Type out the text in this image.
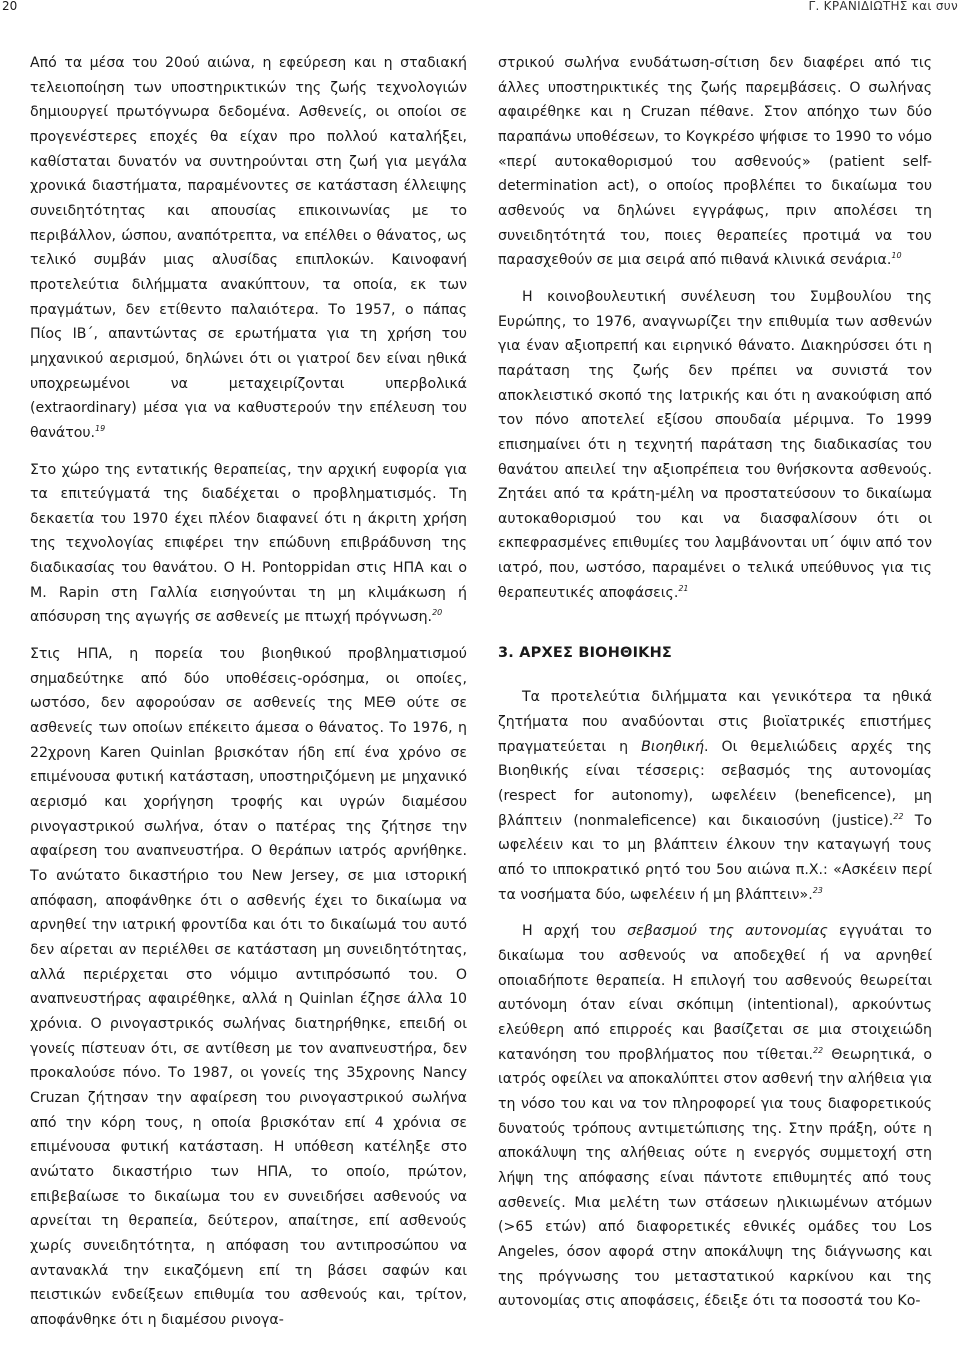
20	Γ. ΚΡΑΝΙΔΙΩΤΗΣ και συν

Από τα μέσα του 20ού αιώνα, η εφεύρεση και η σταδιακή τελειοποίηση των υποστηρικτικών της ζωής τεχνολογιών δημιουργεί πρωτόγνωρα δεδομένα. Ασθενείς, οι οποίοι σε προγενέστερες εποχές θα είχαν προ πολλού καταλήξει, καθίσταται δυνατόν να συντηρούνται στη ζωή για μεγάλα χρονικά διαστήματα, παραμένοντες σε κατάσταση έλλειψης συνειδητότητας και απουσίας επικοινωνίας με το περιβάλλον, ώσπου, αναπότρεπτα, να επέλθει ο θάνατος, ως τελικό συμβάν μιας αλυσίδας επιπλοκών. Καινοφανή προτελεύτια διλήμματα ανακύπτουν, τα οποία, εκ των πραγμάτων, δεν ετίθεντο παλαιότερα. Το 1957, ο πάπας Πίος ΙΒ΄, απαντώντας σε ερωτήματα για τη χρήση του μηχανικού αερισμού, δηλώνει ότι οι γιατροί δεν είναι ηθικά υποχρεωμένοι να μεταχειρίζονται υπερβολικά (extraordinary) μέσα για να καθυστερούν την επέλευση του θανάτου.$^{19}$

Στο χώρο της εντατικής θεραπείας, την αρχική ευφορία για τα επιτεύγματά της διαδέχεται ο προβληματισμός. Τη δεκαετία του 1970 έχει πλέον διαφανεί ότι η άκριτη χρήση της τεχνολογίας επιφέρει την επώδυνη επιβράδυνση της διαδικασίας του θανάτου. Ο Η. Pontoppidan στις ΗΠΑ και ο Μ. Rapin στη Γαλλία εισηγούνται τη μη κλιμάκωση ή απόσυρση της αγωγής σε ασθενείς με πτωχή πρόγνωση.$^{20}$

Στις ΗΠΑ, η πορεία του βιοηθικού προβληματισμού σημαδεύτηκε από δύο υποθέσεις-ορόσημα, οι οποίες, ωστόσο, δεν αφορούσαν σε ασθενείς της ΜΕΘ ούτε σε ασθενείς των οποίων επέκειτο άμεσα ο θάνατος. Το 1976, η 22χρονη Karen Quinlan βρισκόταν ήδη επί ένα χρόνο σε επιμένουσα φυτική κατάσταση, υποστηριζόμενη με μηχανικό αερισμό και χορήγηση τροφής και υγρών διαμέσου ρινογαστρικού σωλήνα, όταν ο πατέρας της ζήτησε την αφαίρεση του αναπνευστήρα. Ο θεράπων ιατρός αρνήθηκε. Το ανώτατο δικαστήριο του New Jersey, σε μια ιστορική απόφαση, αποφάνθηκε ότι ο ασθενής έχει το δικαίωμα να αρνηθεί την ιατρική φροντίδα και ότι το δικαίωμά του αυτό δεν αίρεται αν περιέλθει σε κατάσταση μη συνειδητότητας, αλλά περιέρχεται στο νόμιμο αντιπρόσωπό του. Ο αναπνευστήρας αφαιρέθηκε, αλλά η Quinlan έζησε άλλα 10 χρόνια. Ο ρινογαστρικός σωλήνας διατηρήθηκε, επειδή οι γονείς πίστευαν ότι, σε αντίθεση με τον αναπνευστήρα, δεν προκαλούσε πόνο. Το 1987, οι γονείς της 35χρονης Nancy Cruzan ζήτησαν την αφαίρεση του ρινογαστρικού σωλήνα από την κόρη τους, η οποία βρισκόταν επί 4 χρόνια σε επιμένουσα φυτική κατάσταση. Η υπόθεση κατέληξε στο ανώτατο δικαστήριο των ΗΠΑ, το οποίο, πρώτον, επιβεβαίωσε το δικαίωμα του εν συνειδήσει ασθενούς να αρνείται τη θεραπεία, δεύτερον, απαίτησε, επί ασθενούς χωρίς συνειδητότητα, η απόφαση του αντιπροσώπου να αντανακλά την εικαζόμενη επί τη βάσει σαφών και πειστικών ενδείξεων επιθυμία του ασθενούς και, τρίτον, αποφάνθηκε ότι η διαμέσου ρινογα-

στρικού σωλήνα ενυδάτωση-σίτιση δεν διαφέρει από τις άλλες υποστηρικτικές της ζωής παρεμβάσεις. Ο σωλήνας αφαιρέθηκε και η Cruzan πέθανε. Στον απόηχο των δύο παραπάνω υποθέσεων, το Κογκρέσο ψήφισε το 1990 το νόμο «περί αυτοκαθορισμού του ασθενούς» (patient self-determination act), ο οποίος προβλέπει το δικαίωμα του ασθενούς να δηλώνει εγγράφως, πριν απολέσει τη συνειδητότητά του, ποιες θεραπείες προτιμά να του παρασχεθούν σε μια σειρά από πιθανά κλινικά σενάρια.$^{10}$

Η κοινοβουλευτική συνέλευση του Συμβουλίου της Ευρώπης, το 1976, αναγνωρίζει την επιθυμία των ασθενών για έναν αξιοπρεπή και ειρηνικό θάνατο. Διακηρύσσει ότι η παράταση της ζωής δεν πρέπει να συνιστά τον αποκλειστικό σκοπό της Ιατρικής και ότι η ανακούφιση από τον πόνο αποτελεί εξίσου σπουδαία μέριμνα. Το 1999 επισημαίνει ότι η τεχνητή παράταση της διαδικασίας του θανάτου απειλεί την αξιοπρέπεια του θνήσκοντα ασθενούς. Ζητάει από τα κράτη-μέλη να προστατεύσουν το δικαίωμα αυτοκαθορισμού του και να διασφαλίσουν ότι οι εκπεφρασμένες επιθυμίες του λαμβάνονται υπ΄ όψιν από τον ιατρό, που, ωστόσο, παραμένει ο τελικά υπεύθυνος για τις θεραπευτικές αποφάσεις.$^{21}$

3. ΑΡΧΕΣ ΒΙΟΗΘΙΚΗΣ

Τα προτελεύτια διλήμματα και γενικότερα τα ηθικά ζητήματα που αναδύονται στις βιοϊατρικές επιστήμες πραγματεύεται η Βιοηθική. Οι θεμελιώδεις αρχές της Βιοηθικής είναι τέσσερις: σεβασμός της αυτονομίας (respect for autonomy), ωφελέειν (beneficence), μη βλάπτειν (nonmaleficence) και δικαιοσύνη (justice).$^{22}$ Το ωφελέειν και το μη βλάπτειν έλκουν την καταγωγή τους από το ιπποκρατικό ρητό του 5ου αιώνα π.Χ.: «Ασκέειν περί τα νοσήματα δύο, ωφελέειν ή μη βλάπτειν».$^{23}$

Η αρχή του σεβασμού της αυτονομίας εγγυάται το δικαίωμα του ασθενούς να αποδεχθεί ή να αρνηθεί οποιαδήποτε θεραπεία. Η επιλογή του ασθενούς θεωρείται αυτόνομη όταν είναι σκόπιμη (intentional), αρκούντως ελεύθερη από επιρροές και βασίζεται σε μια στοιχειώδη κατανόηση του προβλήματος που τίθεται.$^{22}$ Θεωρητικά, ο ιατρός οφείλει να αποκαλύπτει στον ασθενή την αλήθεια για τη νόσο του και να τον πληροφορεί για τους διαφορετικούς δυνατούς τρόπους αντιμετώπισης της. Στην πράξη, ούτε η αποκάλυψη της αλήθειας ούτε η ενεργός συμμετοχή στη λήψη της απόφασης είναι πάντοτε επιθυμητές από τους ασθενείς. Μια μελέτη των στάσεων ηλικιωμένων ατόμων (>65 ετών) από διαφορετικές εθνικές ομάδες του Los Angeles, όσον αφορά στην αποκάλυψη της διάγνωσης και της πρόγνωσης του μεταστατικού καρκίνου και της αυτονομίας στις αποφάσεις, έδειξε ότι τα ποσοστά του Κο-
